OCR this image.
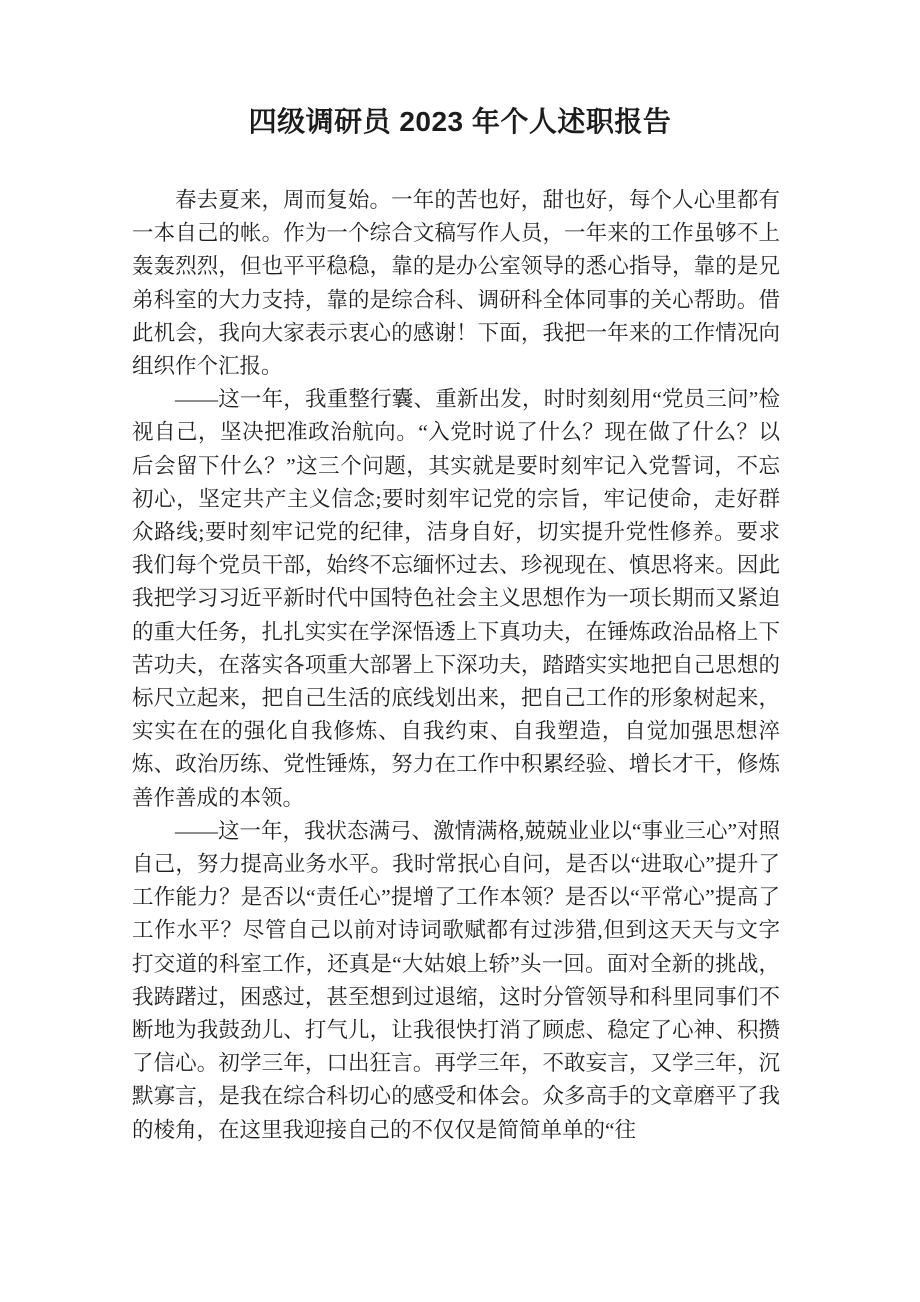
四级调研员 2023 年个人述职报告

春去夏来，周而复始。一年的苦也好，甜也好，每个人心里都有一本自己的帐。作为一个综合文稿写作人员，一年来的工作虽够不上轰轰烈烈，但也平平稳稳，靠的是办公室领导的悉心指导，靠的是兄弟科室的大力支持，靠的是综合科、调研科全体同事的关心帮助。借此机会，我向大家表示衷心的感谢！下面，我把一年来的工作情况向组织作个汇报。

——这一年，我重整行囊、重新出发，时时刻刻用“党员三问”检视自己，坚决把准政治航向。“入党时说了什么？现在做了什么？以后会留下什么？”这三个问题，其实就是要时刻牢记入党誓词，不忘初心，坚定共产主义信念;要时刻牢记党的宗旨，牢记使命，走好群众路线;要时刻牢记党的纪律，洁身自好，切实提升党性修养。要求我们每个党员干部，始终不忘缅怀过去、珍视现在、慎思将来。因此我把学习习近平新时代中国特色社会主义思想作为一项长期而又紧迫的重大任务，扎扎实实在学深悟透上下真功夫，在锤炼政治品格上下苦功夫，在落实各项重大部署上下深功夫，踏踏实实地把自己思想的标尺立起来，把自己生活的底线划出来，把自己工作的形象树起来，实实在在的强化自我修炼、自我约束、自我塑造，自觉加强思想淬炼、政治历练、党性锤炼，努力在工作中积累经验、增长才干，修炼善作善成的本领。

——这一年，我状态满弓、激情满格,兢兢业业以“事业三心”对照自己，努力提高业务水平。我时常抿心自问，是否以“进取心”提升了工作能力？是否以“责任心”提增了工作本领？是否以“平常心”提高了工作水平？尽管自己以前对诗词歌赋都有过涉猎,但到这天天与文字打交道的科室工作，还真是“大姑娘上轿”头一回。面对全新的挑战，我踌躇过，困惑过，甚至想到过退缩，这时分管领导和科里同事们不断地为我鼓劲儿、打气儿，让我很快打消了顾虑、稳定了心神、积攒了信心。初学三年，口出狂言。再学三年，不敢妄言，又学三年，沉默寡言，是我在综合科切心的感受和体会。众多高手的文章磨平了我的棱角，在这里我迎接自己的不仅仅是简简单单的“往
